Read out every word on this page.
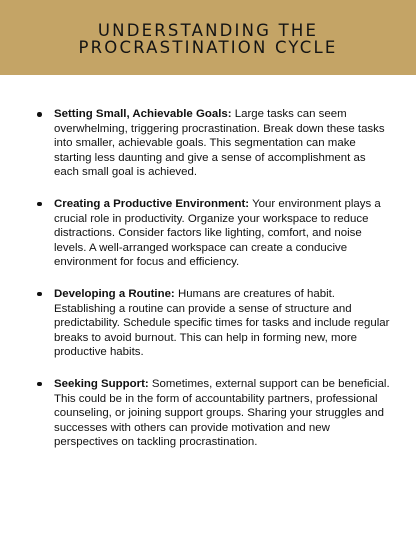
UNDERSTANDING THE
PROCRASTINATION CYCLE
Setting Small, Achievable Goals: Large tasks can seem overwhelming, triggering procrastination. Break down these tasks into smaller, achievable goals. This segmentation can make starting less daunting and give a sense of accomplishment as each small goal is achieved.
Creating a Productive Environment: Your environment plays a crucial role in productivity. Organize your workspace to reduce distractions. Consider factors like lighting, comfort, and noise levels. A well-arranged workspace can create a conducive environment for focus and efficiency.
Developing a Routine: Humans are creatures of habit. Establishing a routine can provide a sense of structure and predictability. Schedule specific times for tasks and include regular breaks to avoid burnout. This can help in forming new, more productive habits.
Seeking Support: Sometimes, external support can be beneficial. This could be in the form of accountability partners, professional counseling, or joining support groups. Sharing your struggles and successes with others can provide motivation and new perspectives on tackling procrastination.
